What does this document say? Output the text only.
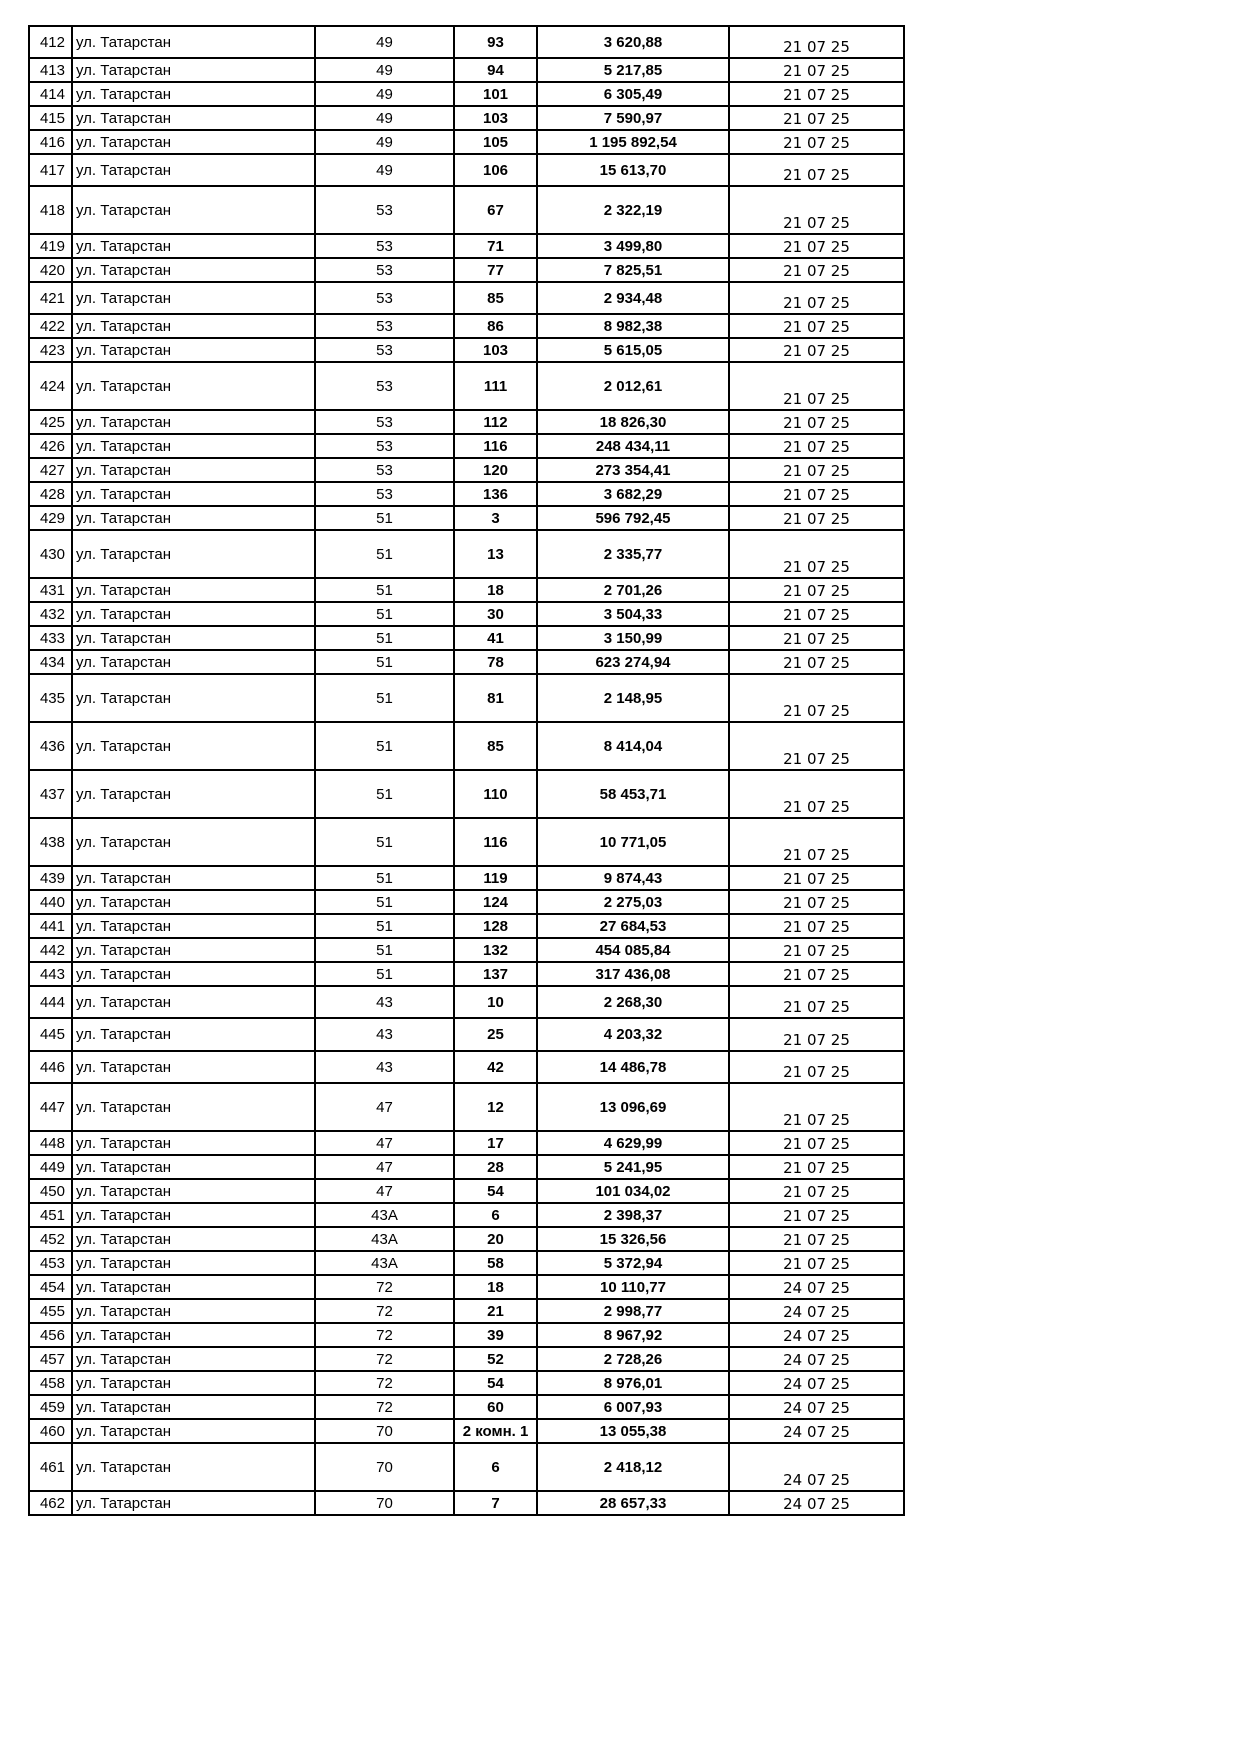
412	ул. Татарстан	49	93	3 620,88	21 07 25
413	ул. Татарстан	49	94	5 217,85	21 07 25
414	ул. Татарстан	49	101	6 305,49	21 07 25
415	ул. Татарстан	49	103	7 590,97	21 07 25
416	ул. Татарстан	49	105	1 195 892,54	21 07 25
417	ул. Татарстан	49	106	15 613,70	21 07 25
418	ул. Татарстан	53	67	2 322,19	21 07 25
419	ул. Татарстан	53	71	3 499,80	21 07 25
420	ул. Татарстан	53	77	7 825,51	21 07 25
421	ул. Татарстан	53	85	2 934,48	21 07 25
422	ул. Татарстан	53	86	8 982,38	21 07 25
423	ул. Татарстан	53	103	5 615,05	21 07 25
424	ул. Татарстан	53	111	2 012,61	21 07 25
425	ул. Татарстан	53	112	18 826,30	21 07 25
426	ул. Татарстан	53	116	248 434,11	21 07 25
427	ул. Татарстан	53	120	273 354,41	21 07 25
428	ул. Татарстан	53	136	3 682,29	21 07 25
429	ул. Татарстан	51	3	596 792,45	21 07 25
430	ул. Татарстан	51	13	2 335,77	21 07 25
431	ул. Татарстан	51	18	2 701,26	21 07 25
432	ул. Татарстан	51	30	3 504,33	21 07 25
433	ул. Татарстан	51	41	3 150,99	21 07 25
434	ул. Татарстан	51	78	623 274,94	21 07 25
435	ул. Татарстан	51	81	2 148,95	21 07 25
436	ул. Татарстан	51	85	8 414,04	21 07 25
437	ул. Татарстан	51	110	58 453,71	21 07 25
438	ул. Татарстан	51	116	10 771,05	21 07 25
439	ул. Татарстан	51	119	9 874,43	21 07 25
440	ул. Татарстан	51	124	2 275,03	21 07 25
441	ул. Татарстан	51	128	27 684,53	21 07 25
442	ул. Татарстан	51	132	454 085,84	21 07 25
443	ул. Татарстан	51	137	317 436,08	21 07 25
444	ул. Татарстан	43	10	2 268,30	21 07 25
445	ул. Татарстан	43	25	4 203,32	21 07 25
446	ул. Татарстан	43	42	14 486,78	21 07 25
447	ул. Татарстан	47	12	13 096,69	21 07 25
448	ул. Татарстан	47	17	4 629,99	21 07 25
449	ул. Татарстан	47	28	5 241,95	21 07 25
450	ул. Татарстан	47	54	101 034,02	21 07 25
451	ул. Татарстан	43А	6	2 398,37	21 07 25
452	ул. Татарстан	43А	20	15 326,56	21 07 25
453	ул. Татарстан	43А	58	5 372,94	21 07 25
454	ул. Татарстан	72	18	10 110,77	24 07 25
455	ул. Татарстан	72	21	2 998,77	24 07 25
456	ул. Татарстан	72	39	8 967,92	24 07 25
457	ул. Татарстан	72	52	2 728,26	24 07 25
458	ул. Татарстан	72	54	8 976,01	24 07 25
459	ул. Татарстан	72	60	6 007,93	24 07 25
460	ул. Татарстан	70	2 комн. 1	13 055,38	24 07 25
461	ул. Татарстан	70	6	2 418,12	24 07 25
462	ул. Татарстан	70	7	28 657,33	24 07 25
